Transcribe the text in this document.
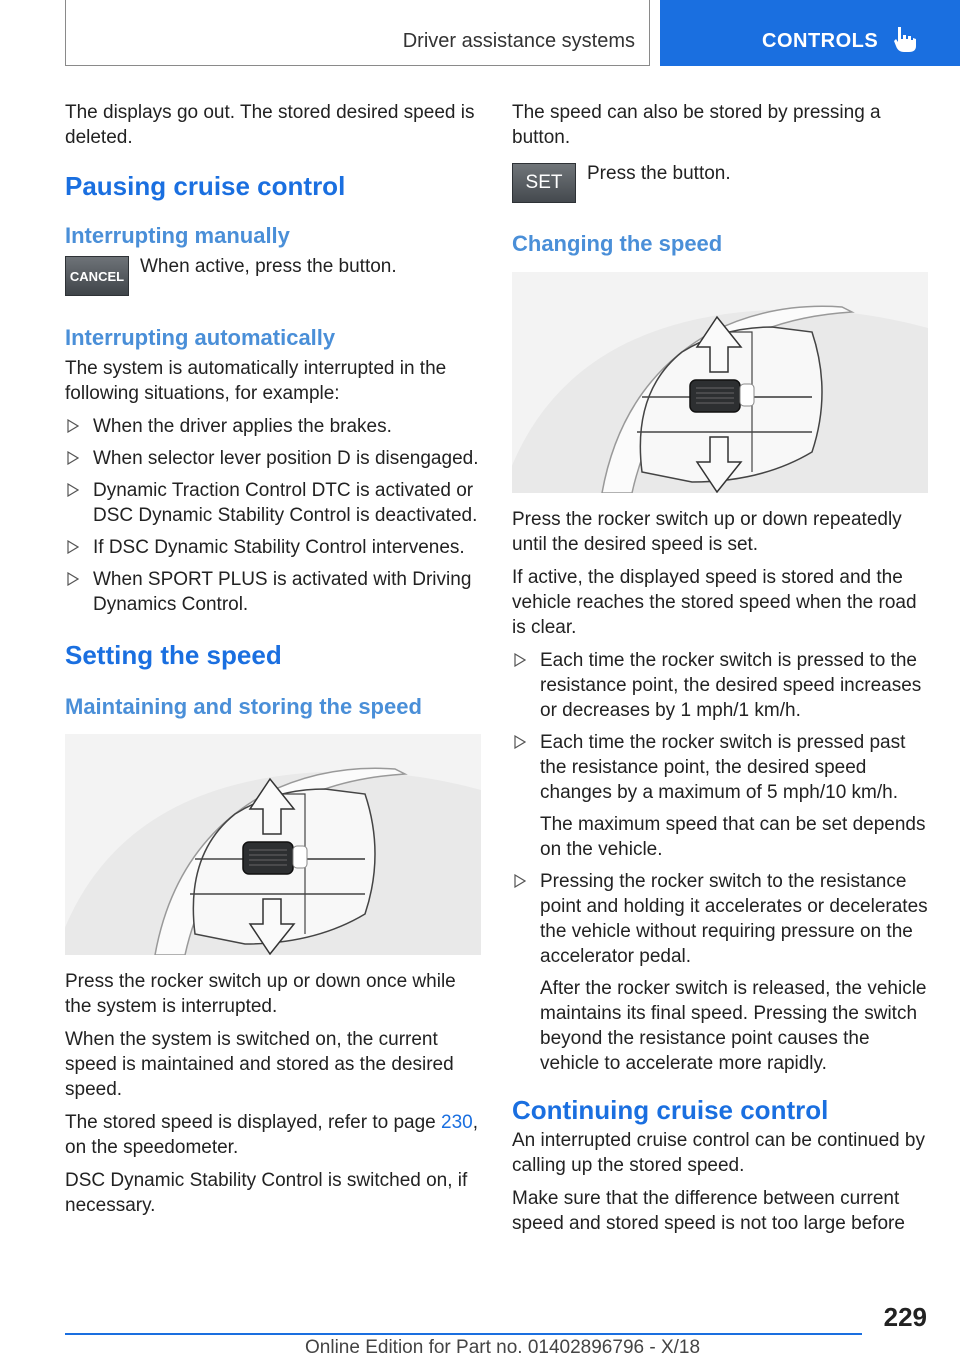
Driver assistance systems	CONTROLS

The displays go out. The stored desired speed is deleted.

Pausing cruise control
Interrupting manually
CANCEL When active, press the button.
Interrupting automatically

The system is automatically interrupted in the following situations, for example:

When the driver applies the brakes.
When selector lever position D is disengaged.
Dynamic Traction Control DTC is activated or DSC Dynamic Stability Control is deactivated.
If DSC Dynamic Stability Control intervenes.
When SPORT PLUS is activated with Driving Dynamics Control.
Setting the speed
Maintaining and storing the speed

Press the rocker switch up or down once while the system is interrupted.

When the system is switched on, the current speed is maintained and stored as the desired speed.

The stored speed is displayed, refer to page 230, on the speedometer.

DSC Dynamic Stability Control is switched on, if necessary.

The speed can also be stored by pressing a button.

SET	Press the button.
Changing the speed

Press the rocker switch up or down repeatedly until the desired speed is set.

If active, the displayed speed is stored and the vehicle reaches the stored speed when the road is clear.

Each time the rocker switch is pressed to the resistance point, the desired speed increases or decreases by 1 mph/1 km/h.
Each time the rocker switch is pressed past the resistance point, the desired speed changes by a maximum of 5 mph/10 km/h.
The maximum speed that can be set depends on the vehicle.
Pressing the rocker switch to the resistance point and holding it accelerates or decelerates the vehicle without requiring pressure on the accelerator pedal.
After the rocker switch is released, the vehicle maintains its final speed. Pressing the switch beyond the resistance point causes the vehicle to accelerate more rapidly.
Continuing cruise control

An interrupted cruise control can be continued by calling up the stored speed.

Make sure that the difference between current speed and stored speed is not too large before

229
Online Edition for Part no. 01402896796 - X/18
